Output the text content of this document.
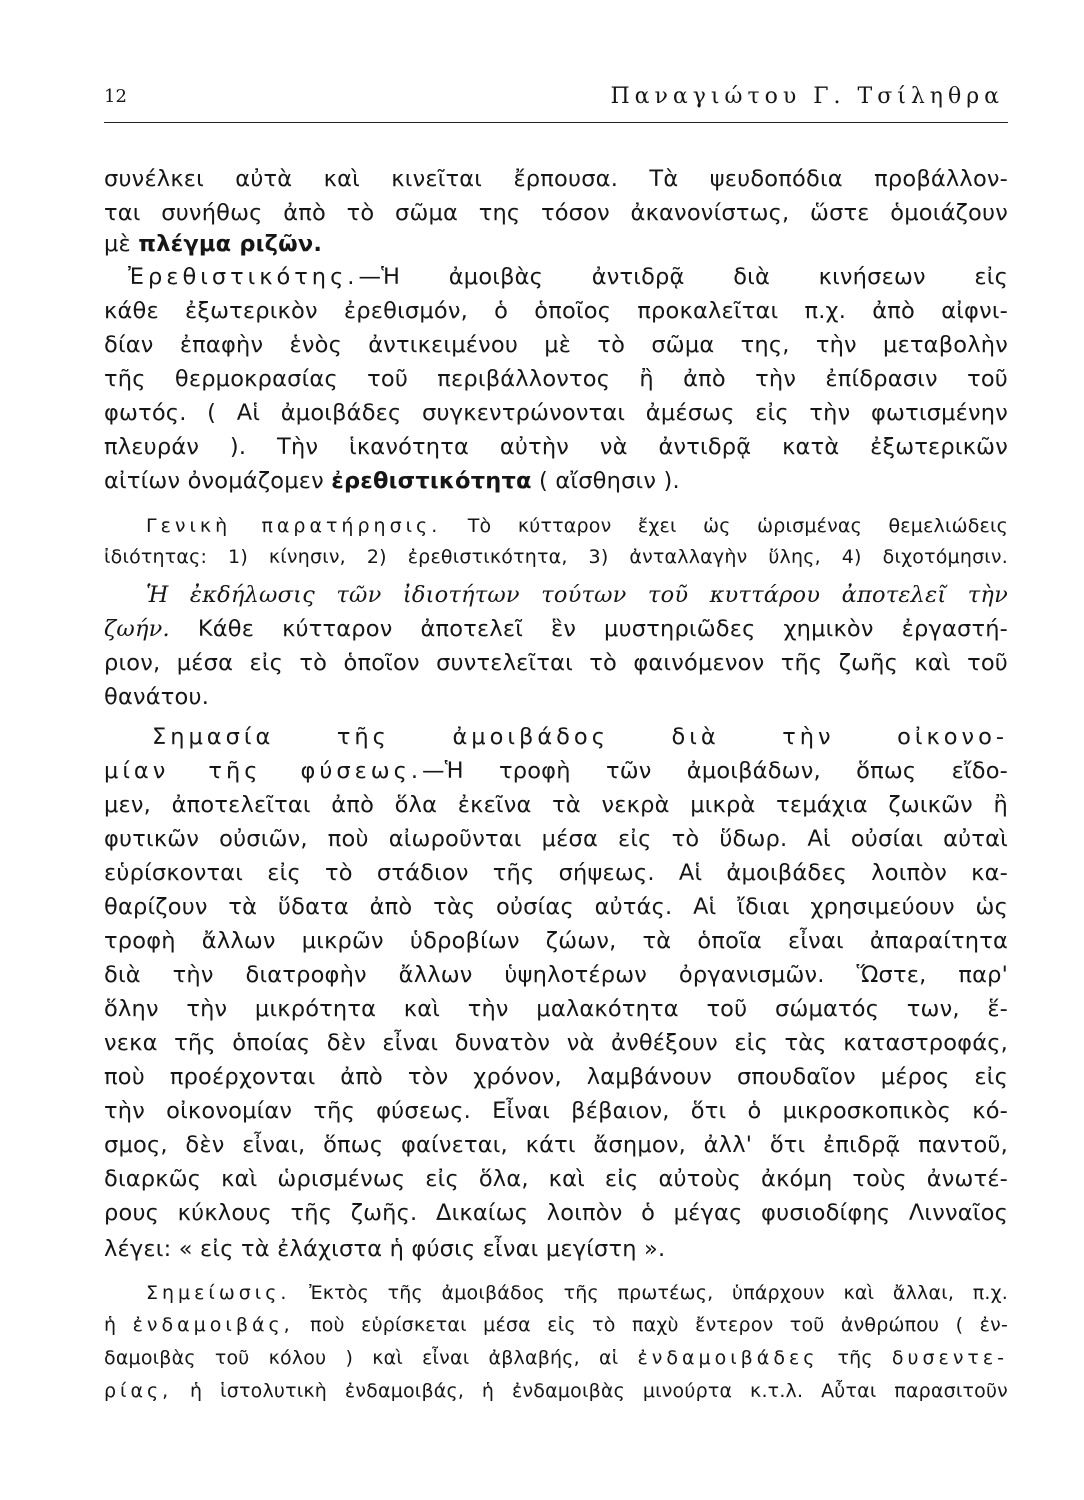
12	Παναγιώτου Γ. Τσίληθρα
συνέλκει αὐτὰ καὶ κινεῖται ἔρπουσα. Τὰ ψευδοπόδια προβάλλον-
ται συνήθως ἀπὸ τὸ σῶμα της τόσον ἀκανονίστως, ὥστε ὁμοιάζουν
μὲ πλέγμα ριζῶν.
Ἐρεθιστικότης.—Ἡ ἀμοιβὰς ἀντιδρᾷ διὰ κινήσεων εἰς
κάθε ἐξωτερικὸν ἐρεθισμόν, ὁ ὁποῖος προκαλεῖται π.χ. ἀπὸ αἰφνι-
δίαν ἐπαφὴν ἑνὸς ἀντικειμένου μὲ τὸ σῶμα της, τὴν μεταβολὴν
τῆς θερμοκρασίας τοῦ περιβάλλοντος ἢ ἀπὸ τὴν ἐπίδρασιν τοῦ
φωτός. ( Αἱ ἀμοιβάδες συγκεντρώνονται ἀμέσως εἰς τὴν φωτισμένην
πλευράν ). Τὴν ἱκανότητα αὐτὴν νὰ ἀντιδρᾷ κατὰ ἐξωτερικῶν
αἰτίων ὀνομάζομεν ἐρεθιστικότητα ( αἴσθησιν ).
Γενικὴ παρατήρησις. Τὸ κύτταρον ἔχει ὡς ὡρισμένας θεμελιώδεις
ἰδιότητας: 1) κίνησιν, 2) ἐρεθιστικότητα, 3) ἀνταλλαγὴν ὕλης, 4) διχοτόμησιν.
Ἡ ἐκδήλωσις τῶν ἰδιοτήτων τούτων τοῦ κυττάρου ἀποτελεῖ τὴν
ζωήν. Κάθε κύτταρον ἀποτελεῖ ἓν μυστηριῶδες χημικὸν ἐργαστή-
ριον, μέσα εἰς τὸ ὁποῖον συντελεῖται τὸ φαινόμενον τῆς ζωῆς καὶ τοῦ
θανάτου.
Σημασία τῆς ἀμοιβάδος διὰ τὴν οἰκονο-
μίαν τῆς φύσεως.—Ἡ τροφὴ τῶν ἀμοιβάδων, ὅπως εἴδο-
μεν, ἀποτελεῖται ἀπὸ ὅλα ἐκεῖνα τὰ νεκρὰ μικρὰ τεμάχια ζωικῶν ἢ
φυτικῶν οὐσιῶν, ποὺ αἰωροῦνται μέσα εἰς τὸ ὕδωρ. Αἱ οὐσίαι αὐταὶ
εὑρίσκονται εἰς τὸ στάδιον τῆς σήψεως. Αἱ ἀμοιβάδες λοιπὸν κα-
θαρίζουν τὰ ὕδατα ἀπὸ τὰς οὐσίας αὐτάς. Αἱ ἴδιαι χρησιμεύουν ὡς
τροφὴ ἄλλων μικρῶν ὑδροβίων ζώων, τὰ ὁποῖα εἶναι ἀπαραίτητα
διὰ τὴν διατροφὴν ἄλλων ὑψηλοτέρων ὀργανισμῶν. Ὥστε, παρ'
ὅλην τὴν μικρότητα καὶ τὴν μαλακότητα τοῦ σώματός των, ἕ-
νεκα τῆς ὁποίας δὲν εἶναι δυνατὸν νὰ ἀνθέξουν εἰς τὰς καταστροφάς,
ποὺ προέρχονται ἀπὸ τὸν χρόνον, λαμβάνουν σπουδαῖον μέρος εἰς
τὴν οἰκονομίαν τῆς φύσεως. Εἶναι βέβαιον, ὅτι ὁ μικροσκοπικὸς κό-
σμος, δὲν εἶναι, ὅπως φαίνεται, κάτι ἄσημον, ἀλλ' ὅτι ἐπιδρᾷ παντοῦ,
διαρκῶς καὶ ὡρισμένως εἰς ὅλα, καὶ εἰς αὐτοὺς ἀκόμη τοὺς ἀνωτέ-
ρους κύκλους τῆς ζωῆς. Δικαίως λοιπὸν ὁ μέγας φυσιοδίφης Λινναῖος
λέγει: « εἰς τὰ ἐλάχιστα ἡ φύσις εἶναι μεγίστη ».
Σημείωσις. Ἐκτὸς τῆς ἀμοιβάδος τῆς πρωτέως, ὑπάρχουν καὶ ἄλλαι, π.χ.
ἡ ἐνδαμοιβάς, ποὺ εὑρίσκεται μέσα εἰς τὸ παχὺ ἔντερον τοῦ ἀνθρώπου ( ἐν-
δαμοιβὰς τοῦ κόλου ) καὶ εἶναι ἀβλαβής, αἱ ἐνδαμοιβάδες τῆς δυσεντε-
ρίας, ἡ ἱστολυτικὴ ἐνδαμοιβάς, ἡ ἐνδαμοιβὰς μινούρτα κ.τ.λ. Αὗται παρασιτοῦν
